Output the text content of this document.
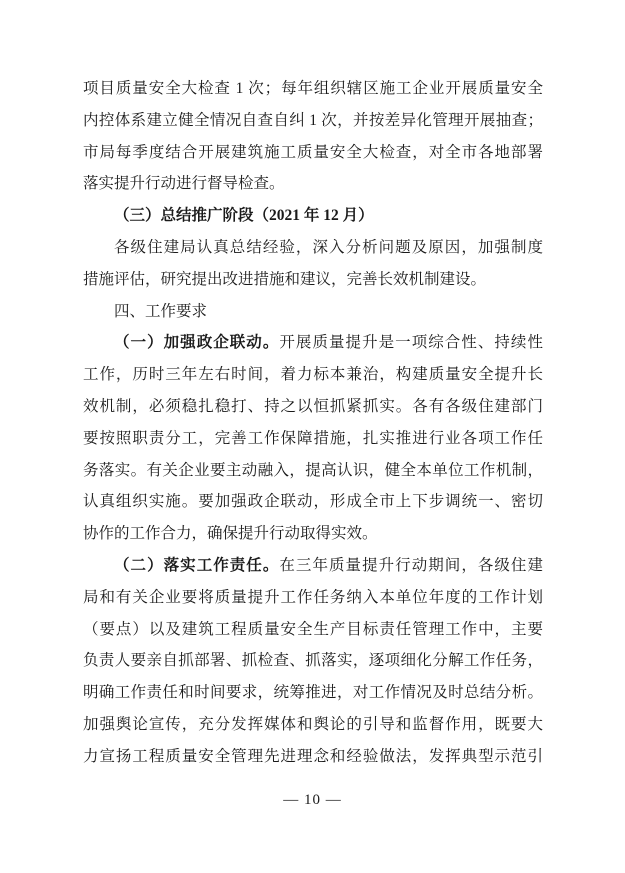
项目质量安全大检查 1 次；每年组织辖区施工企业开展质量安全
内控体系建立健全情况自查自纠 1 次，并按差异化管理开展抽查；
市局每季度结合开展建筑施工质量安全大检查，对全市各地部署
落实提升行动进行督导检查。
（三）总结推广阶段（2021 年 12 月）
各级住建局认真总结经验，深入分析问题及原因，加强制度
措施评估，研究提出改进措施和建议，完善长效机制建设。
四、工作要求
（一）加强政企联动。开展质量提升是一项综合性、持续性
工作，历时三年左右时间，着力标本兼治，构建质量安全提升长
效机制，必须稳扎稳打、持之以恒抓紧抓实。各有各级住建部门
要按照职责分工，完善工作保障措施，扎实推进行业各项工作任
务落实。有关企业要主动融入，提高认识，健全本单位工作机制，
认真组织实施。要加强政企联动，形成全市上下步调统一、密切
协作的工作合力，确保提升行动取得实效。
（二）落实工作责任。在三年质量提升行动期间，各级住建
局和有关企业要将质量提升工作任务纳入本单位年度的工作计划
（要点）以及建筑工程质量安全生产目标责任管理工作中，主要
负责人要亲自抓部署、抓检查、抓落实，逐项细化分解工作任务，
明确工作责任和时间要求，统筹推进，对工作情况及时总结分析。
加强舆论宣传，充分发挥媒体和舆论的引导和监督作用，既要大
力宣扬工程质量安全管理先进理念和经验做法，发挥典型示范引
— 10 —
